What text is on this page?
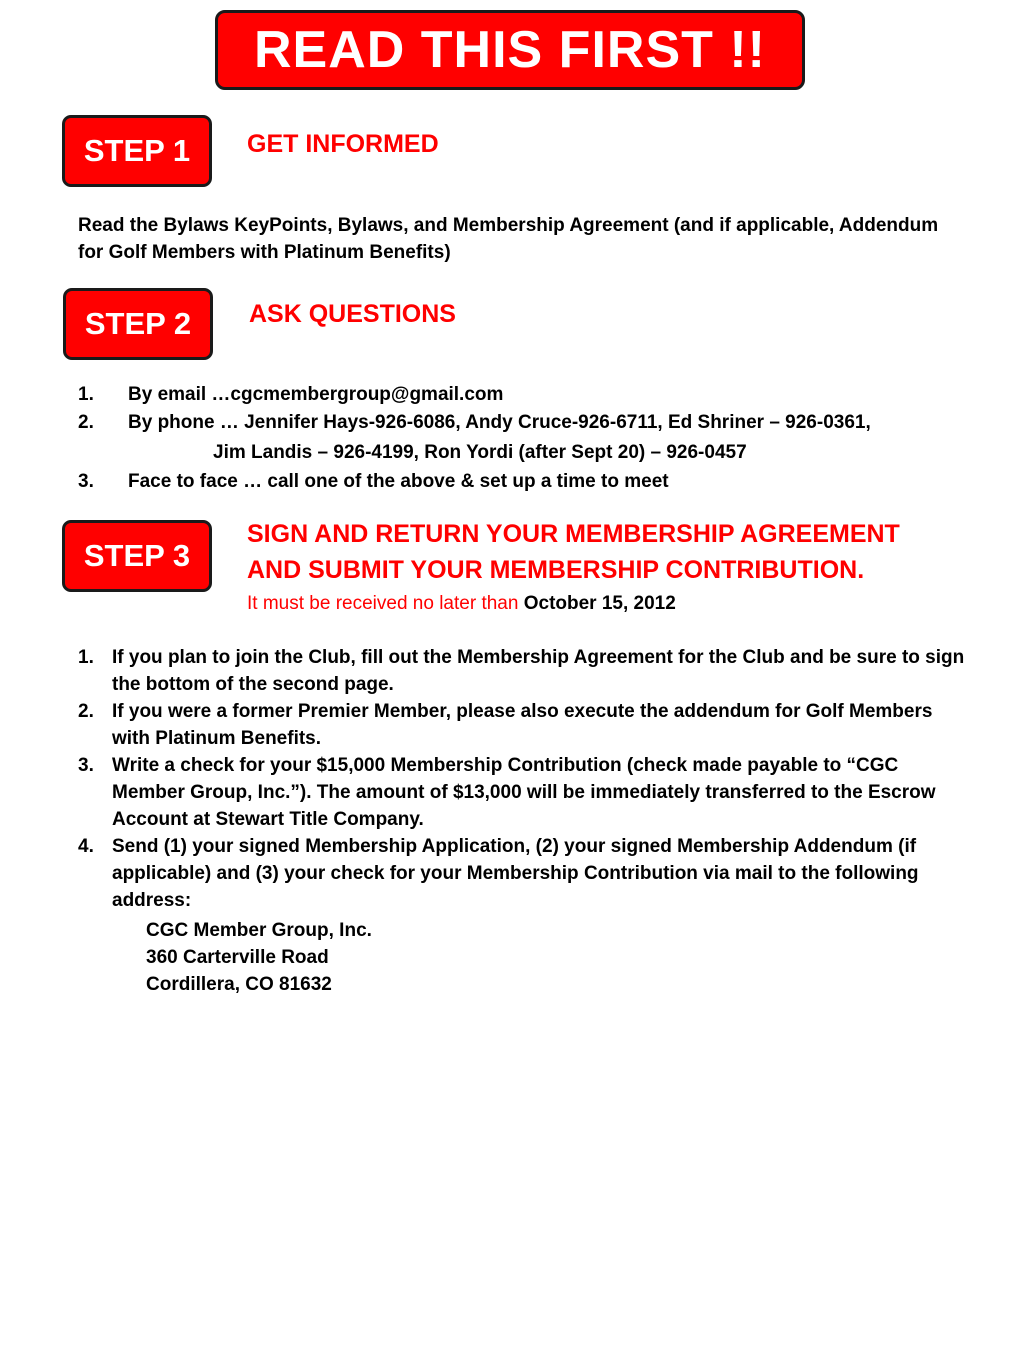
READ THIS FIRST !!
STEP 1	GET INFORMED
Read the Bylaws KeyPoints, Bylaws, and Membership Agreement (and if applicable, Addendum for Golf Members with Platinum Benefits)
STEP 2	ASK QUESTIONS
1. By email …cgcmembergroup@gmail.com
2. By phone … Jennifer Hays-926-6086, Andy Cruce-926-6711, Ed Shriner – 926-0361,
Jim Landis – 926-4199, Ron Yordi (after Sept 20) – 926-0457
3. Face to face … call one of the above & set up a time to meet
STEP 3
SIGN AND RETURN YOUR MEMBERSHIP AGREEMENT
AND SUBMIT YOUR MEMBERSHIP CONTRIBUTION.
It must be received no later than October 15, 2012
1. If you plan to join the Club, fill out the Membership Agreement for the Club and be sure to sign the bottom of the second page.
2. If you were a former Premier Member, please also execute the addendum for Golf Members with Platinum Benefits.
3. Write a check for your $15,000 Membership Contribution (check made payable to “CGC Member Group, Inc.”). The amount of $13,000 will be immediately transferred to the Escrow Account at Stewart Title Company.
4. Send (1) your signed Membership Application, (2) your signed Membership Addendum (if applicable) and (3) your check for your Membership Contribution via mail to the following address:
CGC Member Group, Inc.
360 Carterville Road
Cordillera, CO 81632
